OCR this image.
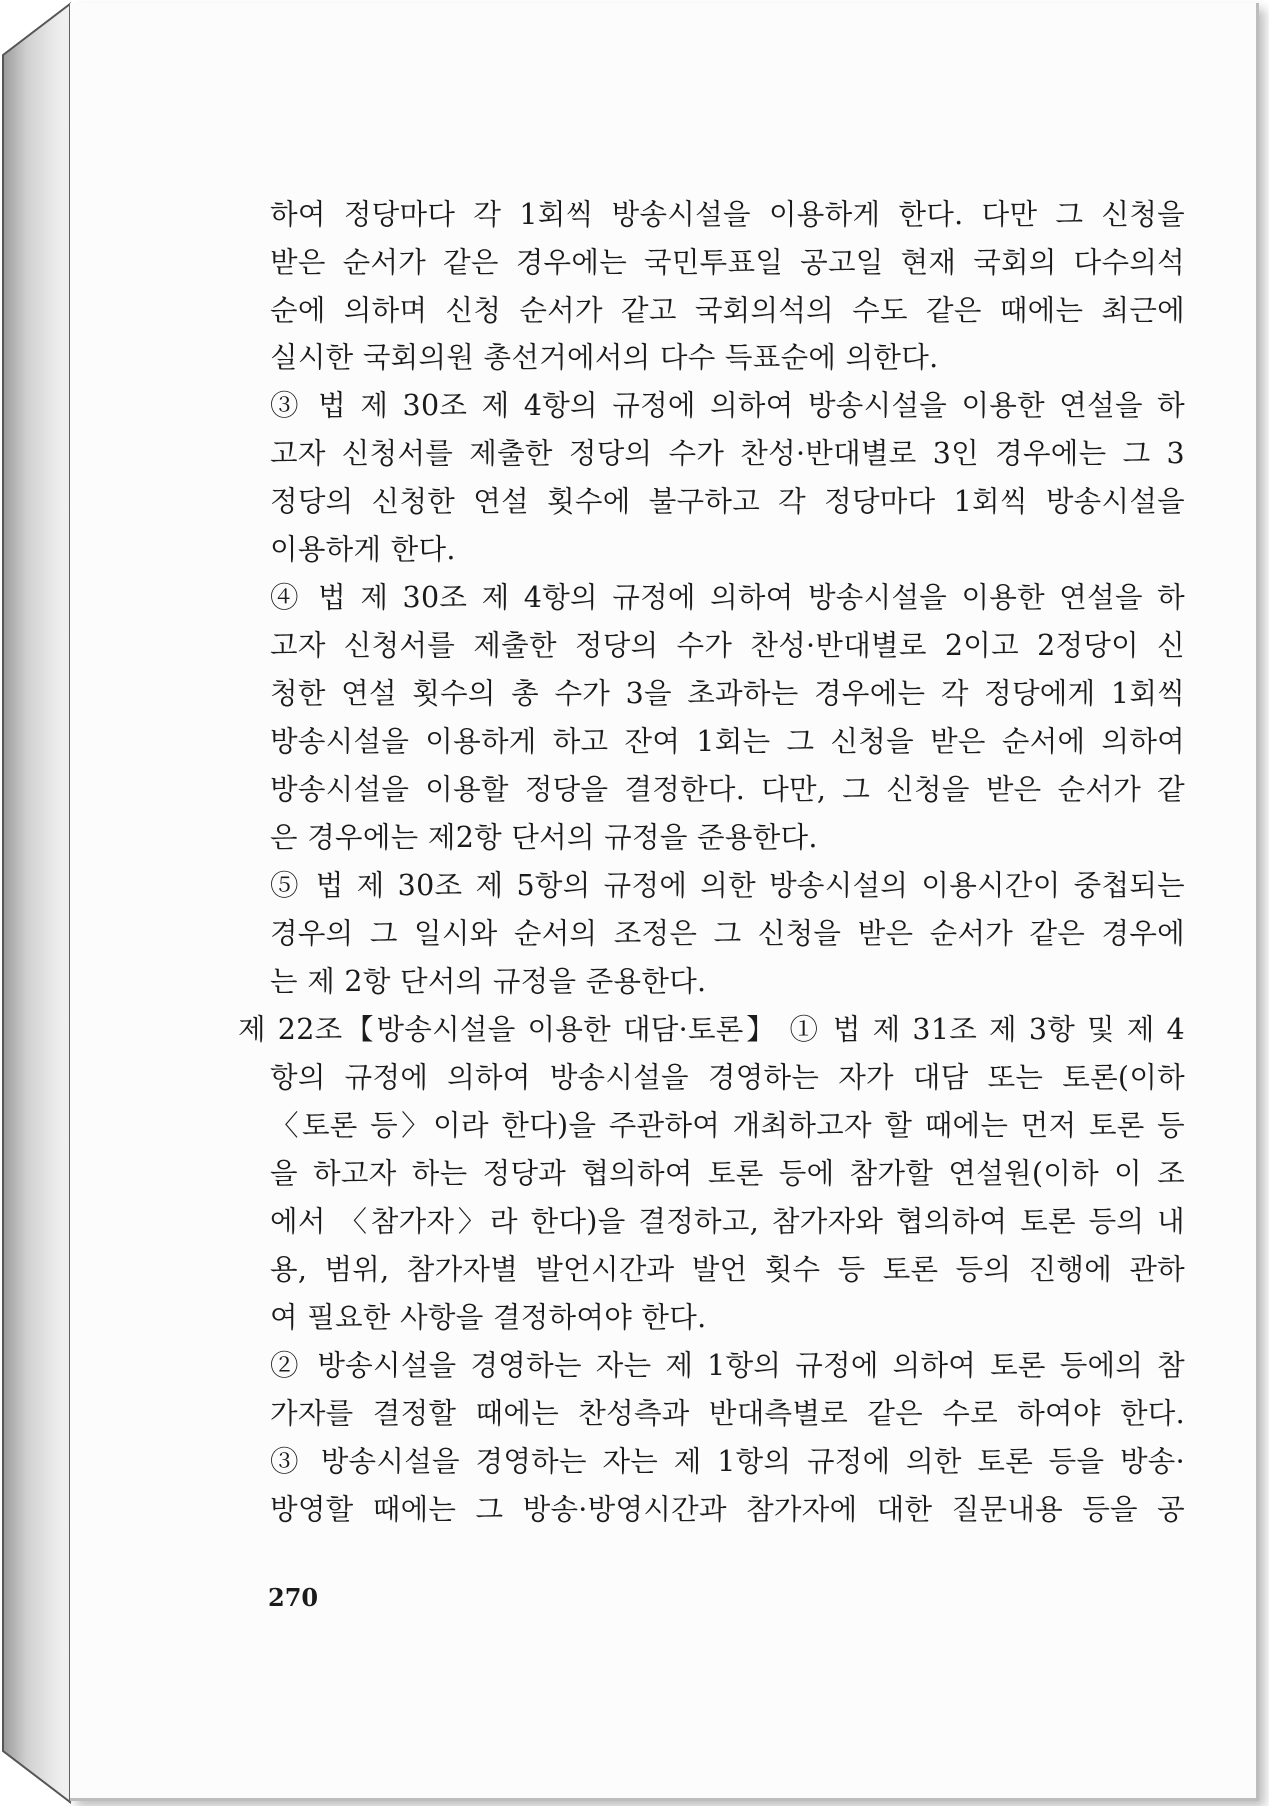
하여 정당마다 각 1회씩 방송시설을 이용하게 한다. 다만 그 신청을
받은 순서가 같은 경우에는 국민투표일 공고일 현재 국회의 다수의석
순에 의하며 신청 순서가 같고 국회의석의 수도 같은 때에는 최근에
실시한 국회의원 총선거에서의 다수 득표순에 의한다.
③ 법 제 30조 제 4항의 규정에 의하여 방송시설을 이용한 연설을 하
고자 신청서를 제출한 정당의 수가 찬성·반대별로 3인 경우에는 그 3
정당의 신청한 연설 횟수에 불구하고 각 정당마다 1회씩 방송시설을
이용하게 한다.
④ 법 제 30조 제 4항의 규정에 의하여 방송시설을 이용한 연설을 하
고자 신청서를 제출한 정당의 수가 찬성·반대별로 2이고 2정당이 신
청한 연설 횟수의 총 수가 3을 초과하는 경우에는 각 정당에게 1회씩
방송시설을 이용하게 하고 잔여 1회는 그 신청을 받은 순서에 의하여
방송시설을 이용할 정당을 결정한다. 다만, 그 신청을 받은 순서가 같
은 경우에는 제2항 단서의 규정을 준용한다.
⑤ 법 제 30조 제 5항의 규정에 의한 방송시설의 이용시간이 중첩되는
경우의 그 일시와 순서의 조정은 그 신청을 받은 순서가 같은 경우에
는 제 2항 단서의 규정을 준용한다.
제 22조【방송시설을 이용한 대담·토론】 ① 법 제 31조 제 3항 및 제 4
항의 규정에 의하여 방송시설을 경영하는 자가 대담 또는 토론(이하
〈토론 등〉이라 한다)을 주관하여 개최하고자 할 때에는 먼저 토론 등
을 하고자 하는 정당과 협의하여 토론 등에 참가할 연설원(이하 이 조
에서 〈참가자〉라 한다)을 결정하고, 참가자와 협의하여 토론 등의 내
용, 범위, 참가자별 발언시간과 발언 횟수 등 토론 등의 진행에 관하
여 필요한 사항을 결정하여야 한다.
② 방송시설을 경영하는 자는 제 1항의 규정에 의하여 토론 등에의 참
가자를 결정할 때에는 찬성측과 반대측별로 같은 수로 하여야 한다.
③ 방송시설을 경영하는 자는 제 1항의 규정에 의한 토론 등을 방송·
방영할 때에는 그 방송·방영시간과 참가자에 대한 질문내용 등을 공
270
